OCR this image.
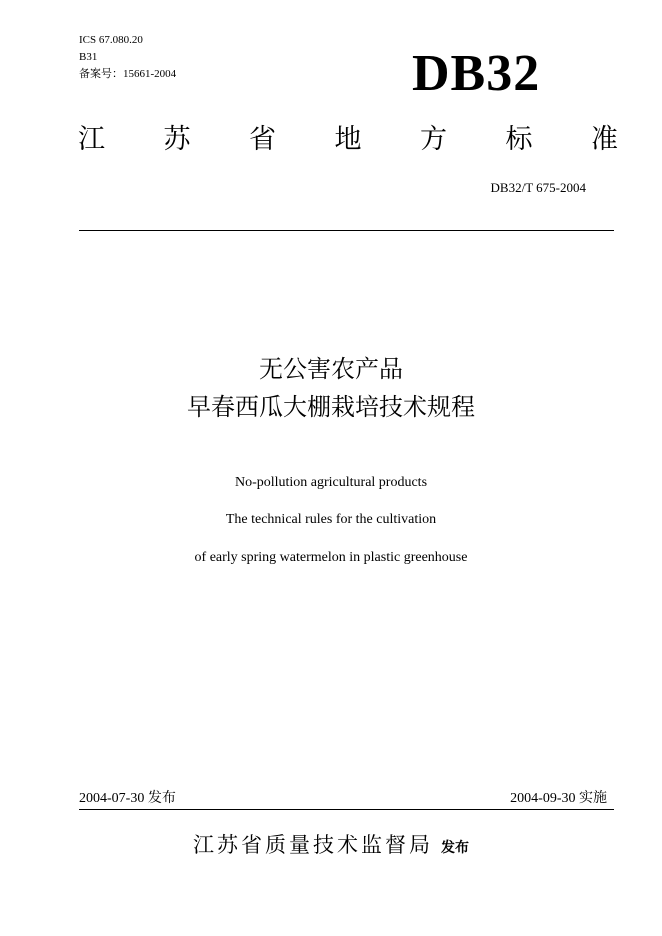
ICS 67.080.20
B31
备案号：15661-2004	DB32
江 苏 省 地 方 标 准
DB32/T 675-2004
无公害农产品
早春西瓜大棚栽培技术规程
No-pollution agricultural products
The technical rules for the cultivation
of early spring watermelon in plastic greenhouse
2004-07-30 发布	2004-09-30 实施
江苏省质量技术监督局 发布
